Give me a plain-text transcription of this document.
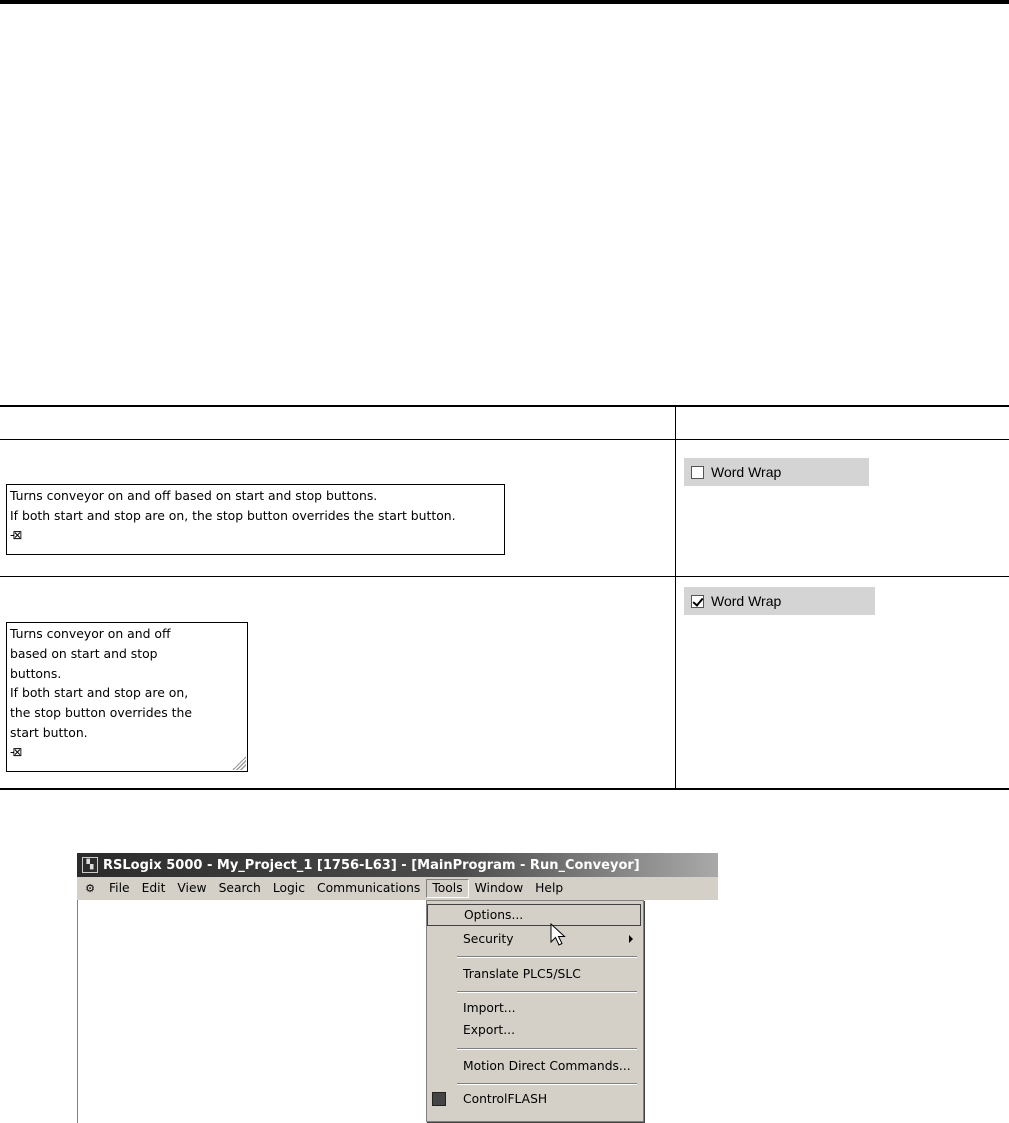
Turns conveyor on and off based on start and stop buttons.
If both start and stop are on, the stop button overrides the start button.
-⊠
Word Wrap
Turns conveyor on and off
based on start and stop
buttons.
If both start and stop are on,
the stop button overrides the
start button.
-⊠
Word Wrap
▚ RSLogix 5000 - My_Project_1 [1756-L63] - [MainProgram - Run_Conveyor]
⚙	File Edit View Search Logic Communications Tools Window Help
Options...
Security
Translate PLC5/SLC
Import...
Export...
Motion Direct Commands...
ControlFLASH
